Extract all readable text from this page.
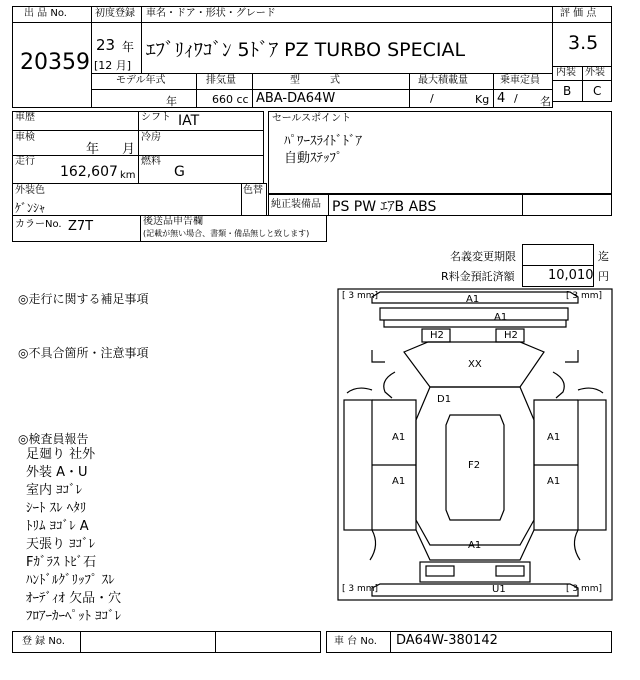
出 品 No.
20359
初度登録 車名・ドア・形状・グレード
23 年
[12 月]
ｴﾌﾞﾘｨﾜｺﾞﾝ 5ﾄﾞｱ PZ TURBO SPECIAL
評 価 点
3.5
内装 外装
B C
モデル年式	排気量	型　　　式	最大積載量	乗車定員
年	660 cc ABA-DA64W	/	Kg 4 / 名
車歴	シフト IAT
車検
年 月
冷房
走行
162,607 km
燃料
G
セールスポイント
ﾊﾟﾜｰｽﾗｲﾄﾞﾄﾞｱ
自動ｽﾃｯﾌﾟ
外装色
ｹﾞﾝｼｬ
色替
純正装備品 PS PW ｴｱB ABS
カラーNo. Z7T	後送品申告欄
(記載が無い場合、書類・備品無しと致します)
名義変更期限	迄
R料金預託済額	10,010 円
◎走行に関する補足事項
◎不具合箇所・注意事項
◎検査員報告
足廻り 社外
外装 A・U
室内 ﾖｺﾞﾚ
ｼｰﾄ ｽﾚ ﾍﾀﾘ
ﾄﾘﾑ ﾖｺﾞﾚ A
天張り ﾖｺﾞﾚ
Fｶﾞﾗｽ ﾄﾋﾞ石
ﾊﾝﾄﾞﾙｸﾞﾘｯﾌﾟ ｽﾚ
ｵｰﾃﾞｨｵ 欠品・穴
ﾌﾛｱｰｶｰﾍﾟｯﾄ ﾖｺﾞﾚ
[ 3 mm]	[ 3 mm]
[ 3 mm]	[ 3 mm]
A1
A1
H2	H2
XX
D1
A1
A1
A1
A1
F2
A1
U1
登 録 No.	車 台 No. DA64W-380142
